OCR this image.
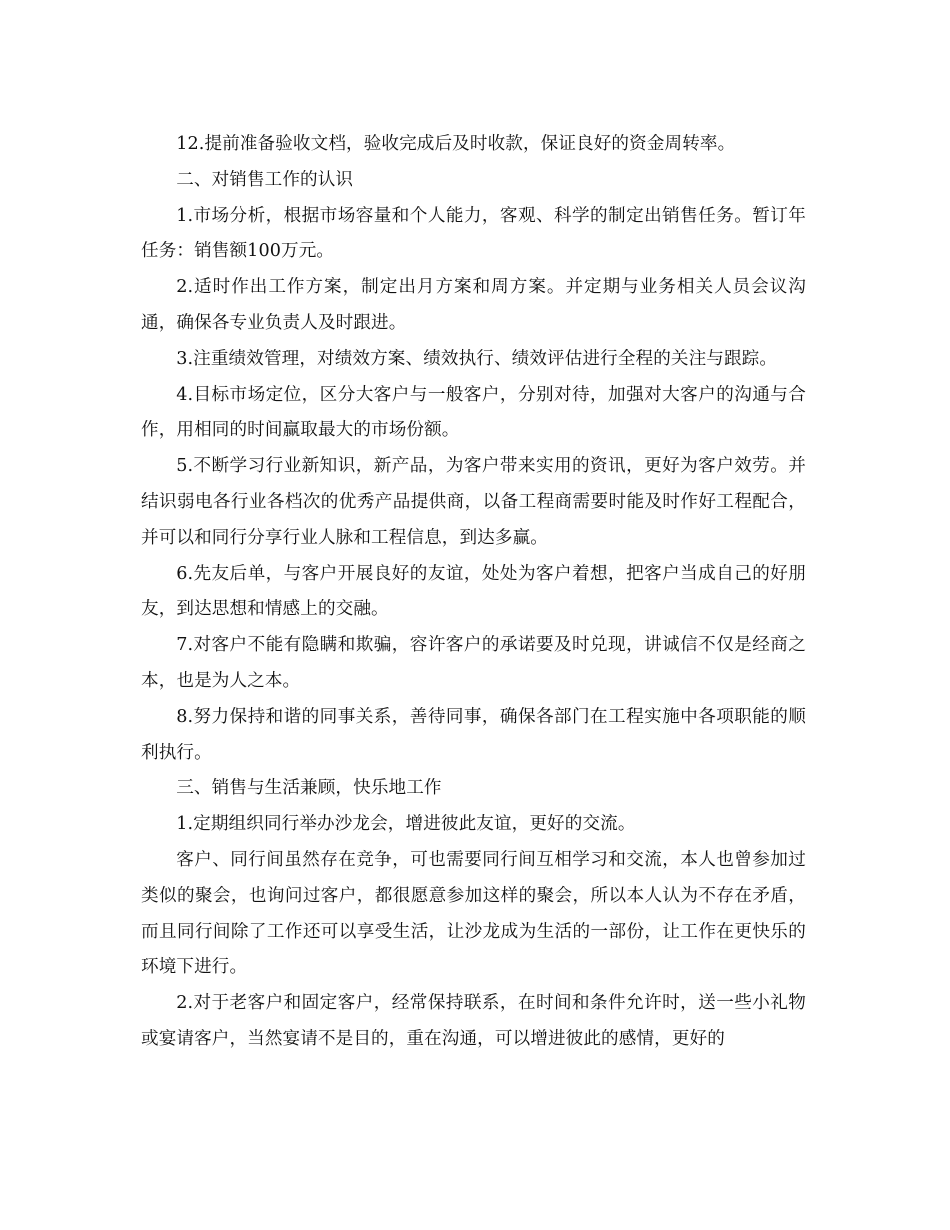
12.提前准备验收文档，验收完成后及时收款，保证良好的资金周转率。

二、对销售工作的认识

1.市场分析，根据市场容量和个人能力，客观、科学的制定出销售任务。暂订年任务：销售额100万元。

2.适时作出工作方案，制定出月方案和周方案。并定期与业务相关人员会议沟通，确保各专业负责人及时跟进。

3.注重绩效管理，对绩效方案、绩效执行、绩效评估进行全程的关注与跟踪。

4.目标市场定位，区分大客户与一般客户，分别对待，加强对大客户的沟通与合作，用相同的时间赢取最大的市场份额。

5.不断学习行业新知识，新产品，为客户带来实用的资讯，更好为客户效劳。并结识弱电各行业各档次的优秀产品提供商，以备工程商需要时能及时作好工程配合，并可以和同行分享行业人脉和工程信息，到达多赢。

6.先友后单，与客户开展良好的友谊，处处为客户着想，把客户当成自己的好朋友，到达思想和情感上的交融。

7.对客户不能有隐瞒和欺骗，容许客户的承诺要及时兑现，讲诚信不仅是经商之本，也是为人之本。

8.努力保持和谐的同事关系，善待同事，确保各部门在工程实施中各项职能的顺利执行。

三、销售与生活兼顾，快乐地工作

1.定期组织同行举办沙龙会，增进彼此友谊，更好的交流。

客户、同行间虽然存在竞争，可也需要同行间互相学习和交流，本人也曾参加过类似的聚会，也询问过客户，都很愿意参加这样的聚会，所以本人认为不存在矛盾，而且同行间除了工作还可以享受生活，让沙龙成为生活的一部份，让工作在更快乐的环境下进行。

2.对于老客户和固定客户，经常保持联系，在时间和条件允许时，送一些小礼物或宴请客户，当然宴请不是目的，重在沟通，可以增进彼此的感情，更好的
